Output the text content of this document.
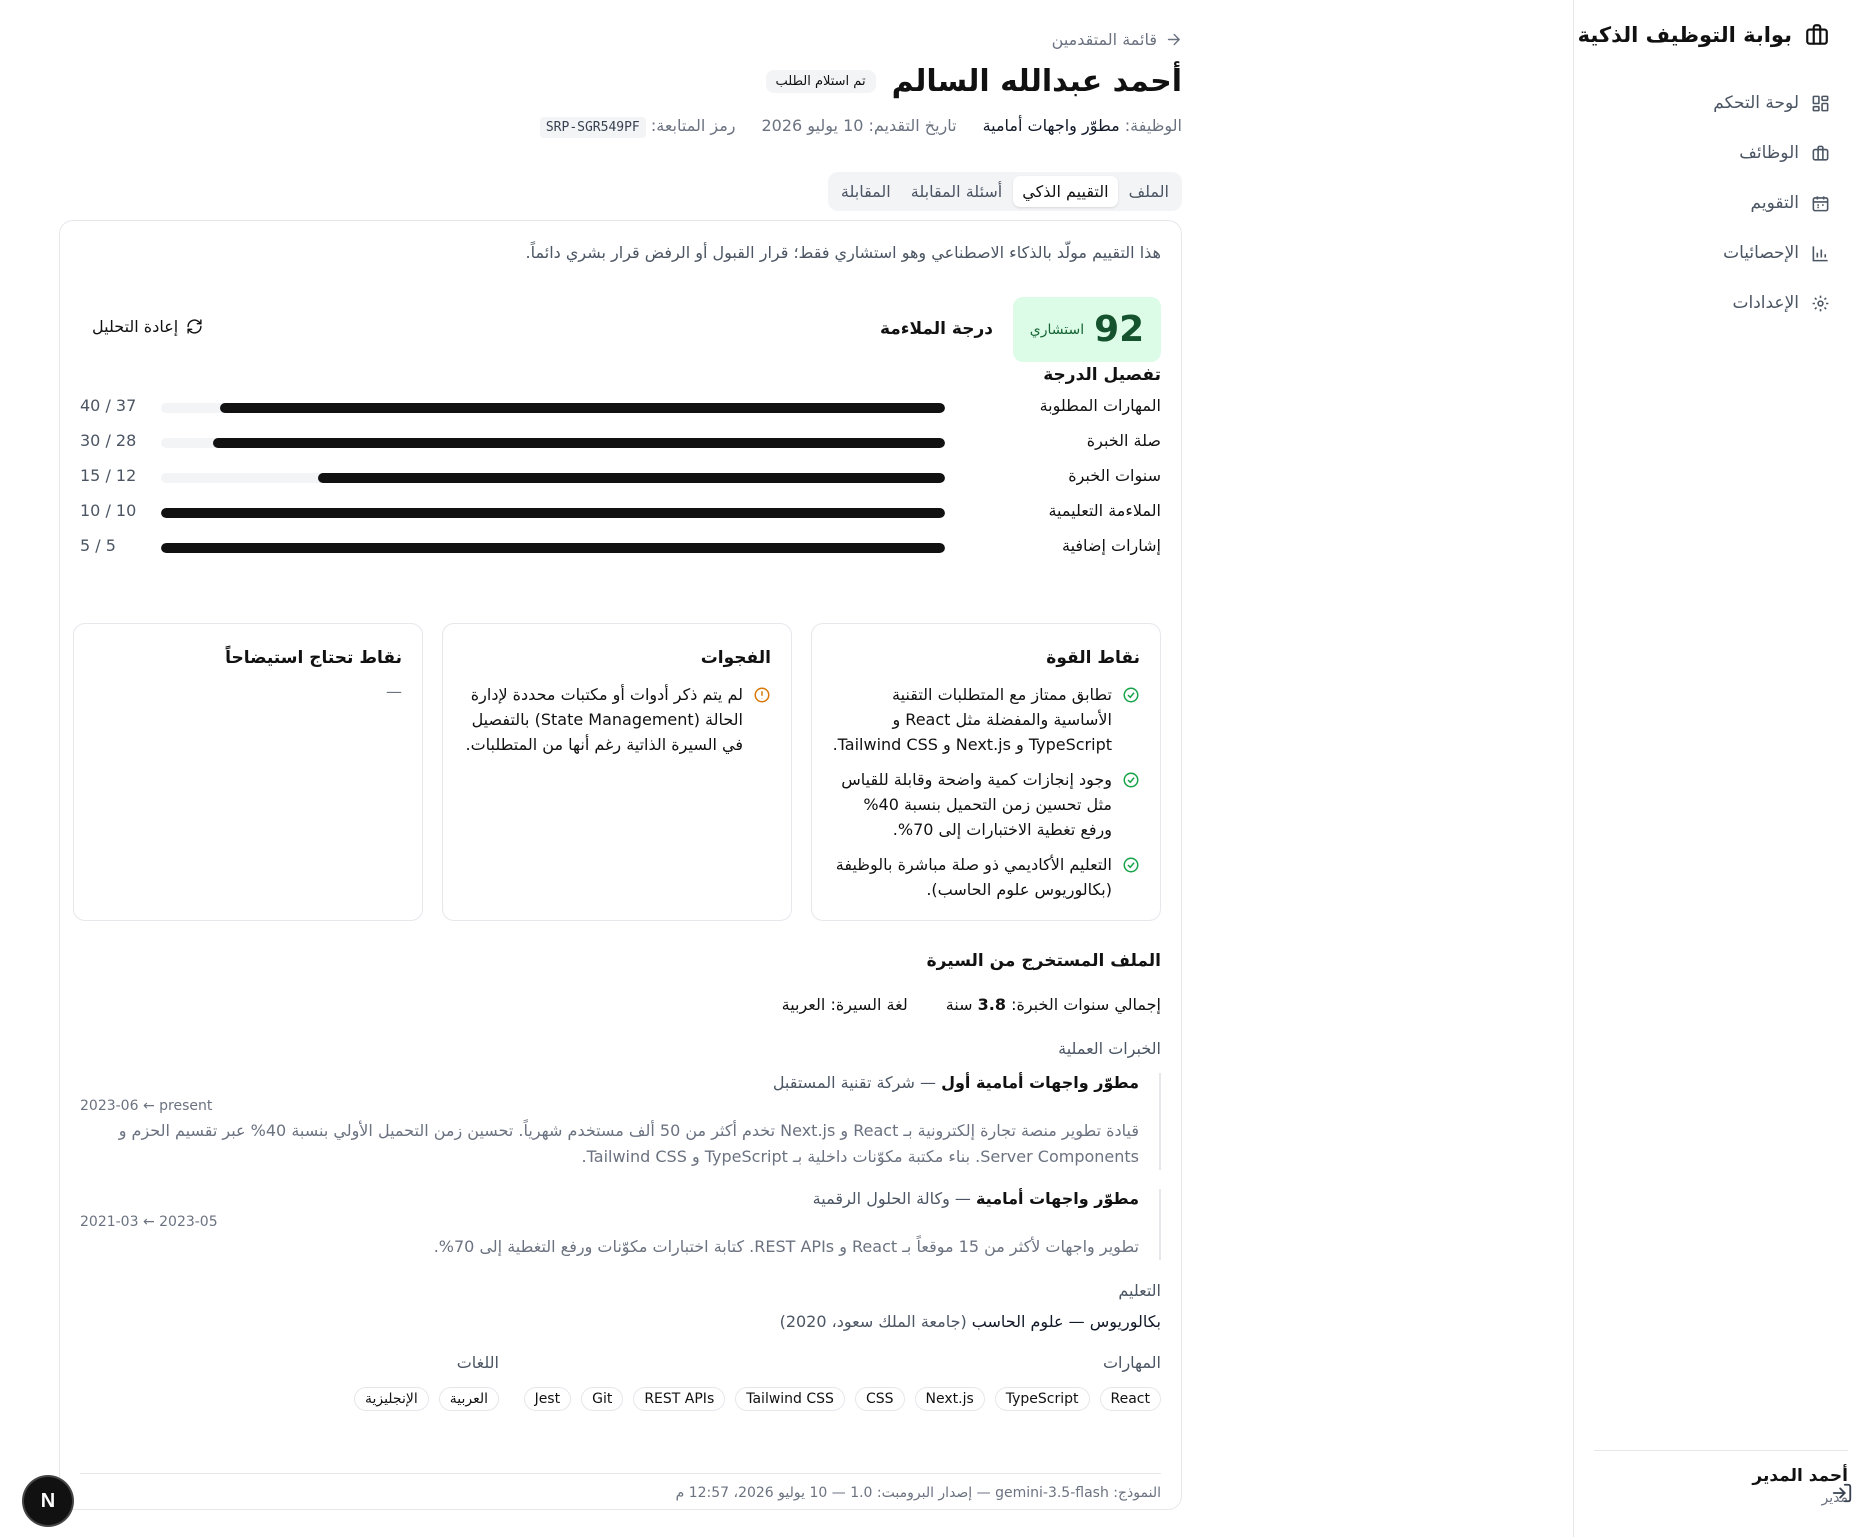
بوابة التوظيف الذكية
لوحة التحكم
الوظائف
التقويم
الإحصائيات
الإعدادات
أحمد المدير
مدير
قائمة المتقدمين
أحمد عبدالله السالم
تم استلام الطلب
الوظيفة: مطوّر واجهات أمامية
تاريخ التقديم: 10 يوليو 2026
رمز المتابعة: SRP-SGR549PF
الملف
التقييم الذكي
أسئلة المقابلة
المقابلة

هذا التقييم مولّد بالذكاء الاصطناعي وهو استشاري فقط؛ قرار القبول أو الرفض قرار بشري دائماً.

92
استشاري
درجة الملاءمة
إعادة التحليل
تفصيل الدرجة
المهارات المطلوبة
40 / 37
صلة الخبرة
30 / 28
سنوات الخبرة
15 / 12
الملاءمة التعليمية
10 / 10
إشارات إضافية
5 / 5
نقاط القوة
تطابق ممتاز مع المتطلبات التقنية الأساسية والمفضلة مثل React و TypeScript و Next.js و Tailwind CSS.
وجود إنجازات كمية واضحة وقابلة للقياس مثل تحسين زمن التحميل بنسبة 40% ورفع تغطية الاختبارات إلى 70%.
التعليم الأكاديمي ذو صلة مباشرة بالوظيفة (بكالوريوس علوم الحاسب).
الفجوات
لم يتم ذكر أدوات أو مكتبات محددة لإدارة الحالة (State Management) بالتفصيل في السيرة الذاتية رغم أنها من المتطلبات.
نقاط تحتاج استيضاحاً
—
الملف المستخرج من السيرة
إجمالي سنوات الخبرة: 3.8 سنة
لغة السيرة: العربية
الخبرات العملية
مطوّر واجهات أمامية أول — شركة تقنية المستقبل
2023-06 ← present
قيادة تطوير منصة تجارة إلكترونية بـ React و Next.js تخدم أكثر من 50 ألف مستخدم شهرياً. تحسين زمن التحميل الأولي بنسبة 40% عبر تقسيم الحزم و Server Components. بناء مكتبة مكوّنات داخلية بـ TypeScript و Tailwind CSS.
مطوّر واجهات أمامية — وكالة الحلول الرقمية
2021-03 ← 2023-05
تطوير واجهات لأكثر من 15 موقعاً بـ React و REST APIs. كتابة اختبارات مكوّنات ورفع التغطية إلى 70%.
التعليم
بكالوريوس — علوم الحاسب (جامعة الملك سعود، 2020)
المهارات
React
TypeScript
Next.js
CSS
Tailwind CSS
REST APIs
Git
Jest
اللغات
العربية
الإنجليزية
النموذج: gemini-3.5-flash — إصدار البرومبت: 1.0 — 10 يوليو 2026، 12:57 م
N
